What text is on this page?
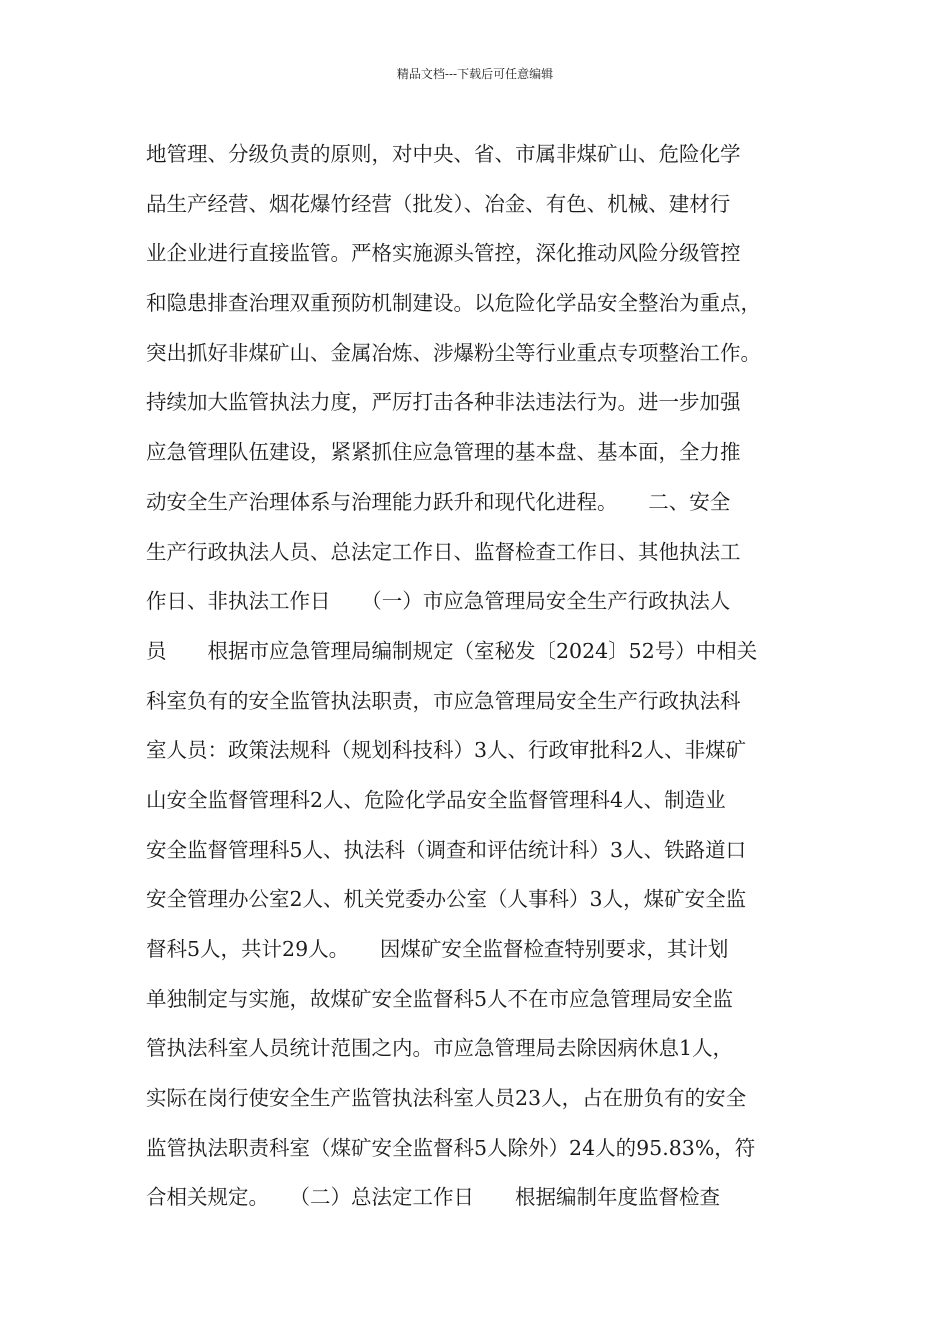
精品文档---下载后可任意编辑
地管理、分级负责的原则，对中央、省、市属非煤矿山、危险化学
品生产经营、烟花爆竹经营（批发）、冶金、有色、机械、建材行
业企业进行直接监管。严格实施源头管控，深化推动风险分级管控
和隐患排查治理双重预防机制建设。以危险化学品安全整治为重点，
突出抓好非煤矿山、金属冶炼、涉爆粉尘等行业重点专项整治工作。
持续加大监管执法力度，严厉打击各种非法违法行为。进一步加强
应急管理队伍建设，紧紧抓住应急管理的基本盘、基本面，全力推
动安全生产治理体系与治理能力跃升和现代化进程。　　二、安全
生产行政执法人员、总法定工作日、监督检查工作日、其他执法工
作日、非执法工作日　　（一）市应急管理局安全生产行政执法人
员　　根据市应急管理局编制规定（室秘发〔2024〕52号）中相关
科室负有的安全监管执法职责，市应急管理局安全生产行政执法科
室人员：政策法规科（规划科技科）3人、行政审批科2人、非煤矿
山安全监督管理科2人、危险化学品安全监督管理科4人、制造业
安全监督管理科5人、执法科（调查和评估统计科）3人、铁路道口
安全管理办公室2人、机关党委办公室（人事科）3人，煤矿安全监
督科5人，共计29人。　　因煤矿安全监督检查特别要求，其计划
单独制定与实施，故煤矿安全监督科5人不在市应急管理局安全监
管执法科室人员统计范围之内。市应急管理局去除因病休息1人，
实际在岗行使安全生产监管执法科室人员23人，占在册负有的安全
监管执法职责科室（煤矿安全监督科5人除外）24人的95.83%，符
合相关规定。　　（二）总法定工作日　　根据编制年度监督检查
